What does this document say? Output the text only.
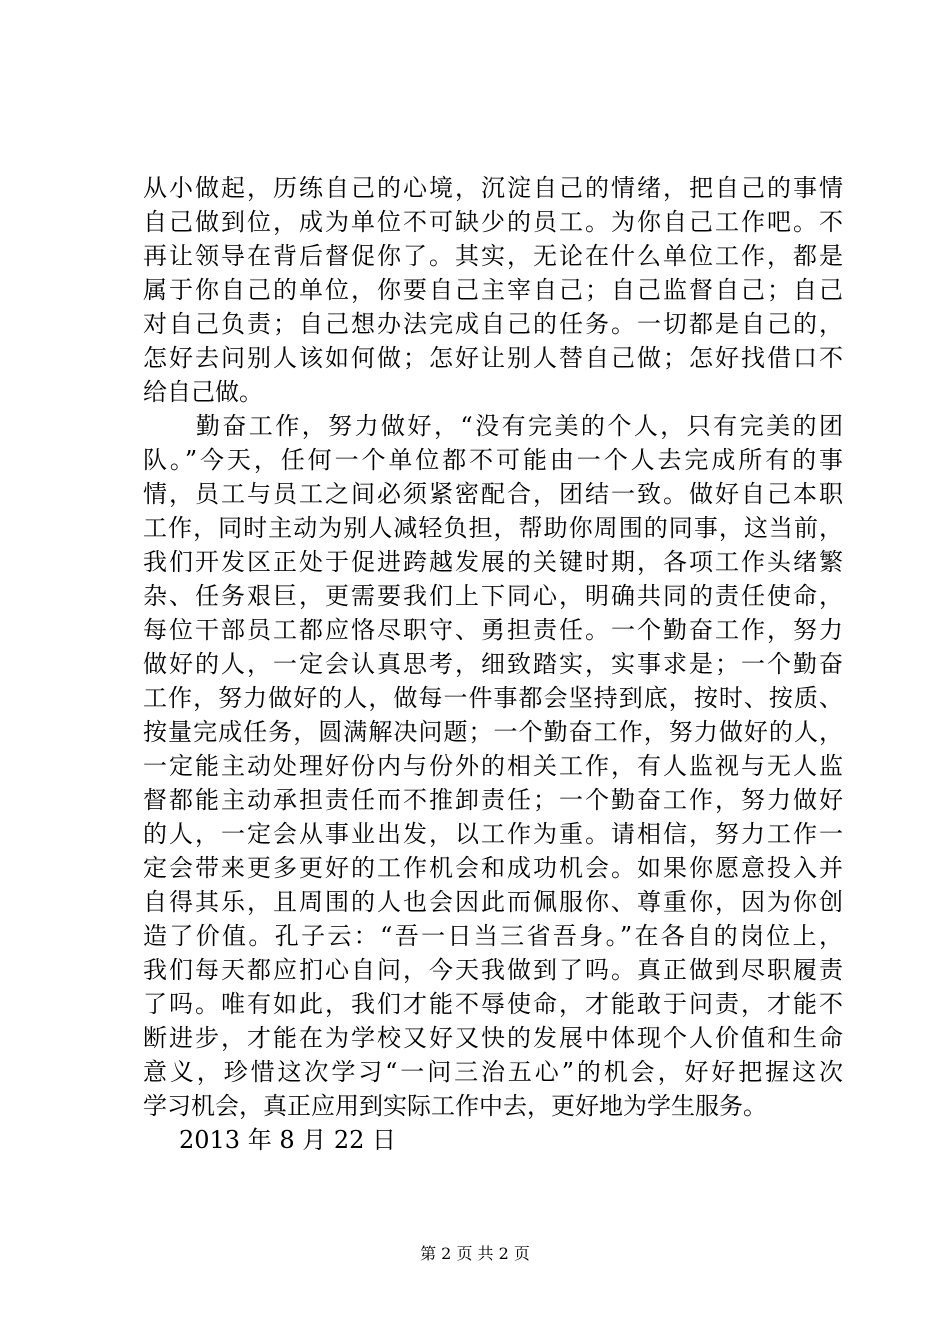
从小做起，历练自己的心境，沉淀自己的情绪，把自己的事情
自己做到位，成为单位不可缺少的员工。为你自己工作吧。不
再让领导在背后督促你了。其实，无论在什么单位工作，都是
属于你自己的单位，你要自己主宰自己；自己监督自己；自己
对自己负责；自己想办法完成自己的任务。一切都是自己的，
怎好去问别人该如何做；怎好让别人替自己做；怎好找借口不
给自己做。
　　勤奋工作，努力做好，“没有完美的个人，只有完美的团
队。”今天，任何一个单位都不可能由一个人去完成所有的事
情，员工与员工之间必须紧密配合，团结一致。做好自己本职
工作，同时主动为别人减轻负担，帮助你周围的同事，这当前，
我们开发区正处于促进跨越发展的关键时期，各项工作头绪繁
杂、任务艰巨，更需要我们上下同心，明确共同的责任使命，
每位干部员工都应恪尽职守、勇担责任。一个勤奋工作，努力
做好的人，一定会认真思考，细致踏实，实事求是；一个勤奋
工作，努力做好的人，做每一件事都会坚持到底，按时、按质、
按量完成任务，圆满解决问题；一个勤奋工作，努力做好的人，
一定能主动处理好份内与份外的相关工作，有人监视与无人监
督都能主动承担责任而不推卸责任；一个勤奋工作，努力做好
的人，一定会从事业出发，以工作为重。请相信，努力工作一
定会带来更多更好的工作机会和成功机会。如果你愿意投入并
自得其乐，且周围的人也会因此而佩服你、尊重你，因为你创
造了价值。孔子云：“吾一日当三省吾身。”在各自的岗位上，
我们每天都应扪心自问，今天我做到了吗。真正做到尽职履责
了吗。唯有如此，我们才能不辱使命，才能敢于问责，才能不
断进步，才能在为学校又好又快的发展中体现个人价值和生命
意义，珍惜这次学习“一问三治五心”的机会，好好把握这次
学习机会，真正应用到实际工作中去，更好地为学生服务。
2013 年 8 月 22 日
第 2 页 共 2 页
